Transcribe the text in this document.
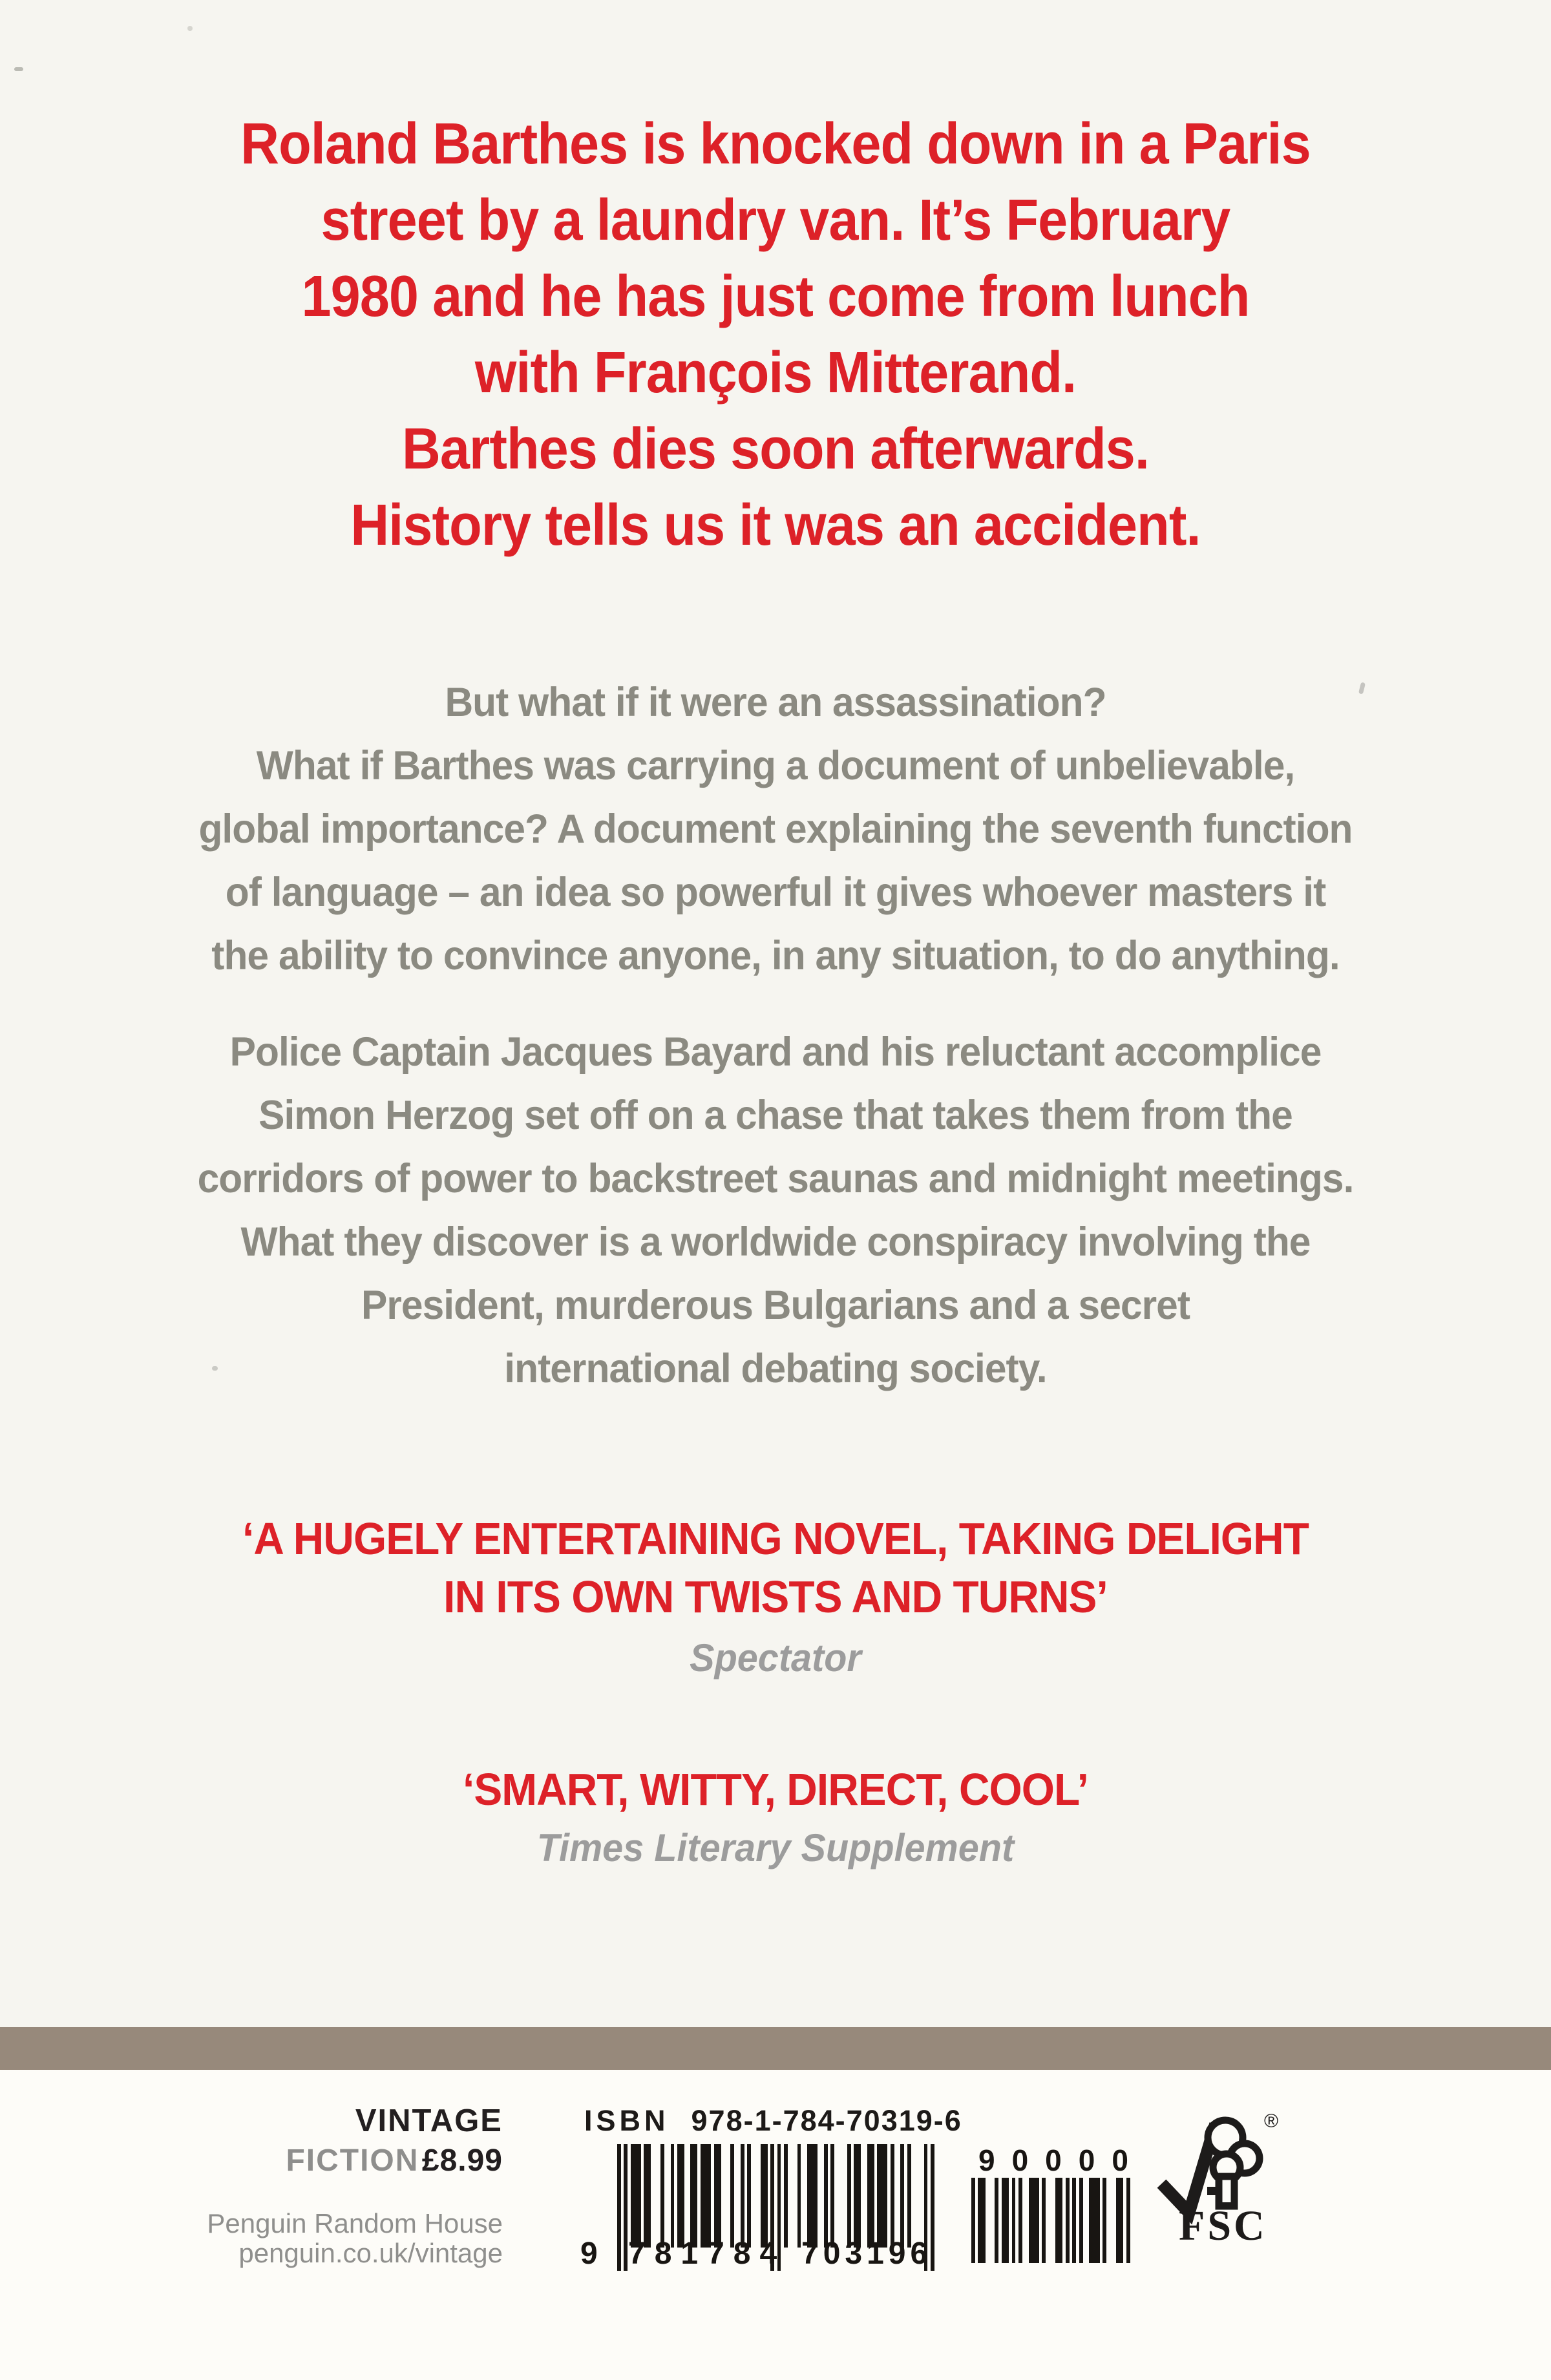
Roland Barthes is knocked down in a Paris
street by a laundry van. It’s February
1980 and he has just come from lunch
with François Mitterand.
Barthes dies soon afterwards.
History tells us it was an accident.
But what if it were an assassination?
What if Barthes was carrying a document of unbelievable,
global importance? A document explaining the seventh function
of language – an idea so powerful it gives whoever masters it
the ability to convince anyone, in any situation, to do anything.
Police Captain Jacques Bayard and his reluctant accomplice
Simon Herzog set off on a chase that takes them from the
corridors of power to backstreet saunas and midnight meetings.
What they discover is a worldwide conspiracy involving the
President, murderous Bulgarians and a secret
international debating society.
‘A HUGELY ENTERTAINING NOVEL, TAKING DELIGHT
IN ITS OWN TWISTS AND TURNS’
Spectator
‘SMART, WITTY, DIRECT, COOL’
Times Literary Supplement
VINTAGE
FICTION £8.99
Penguin Random House
penguin.co.uk/vintage
ISBN 978-1-784-70319-6
9 781784 703196
90000
®
FSC
